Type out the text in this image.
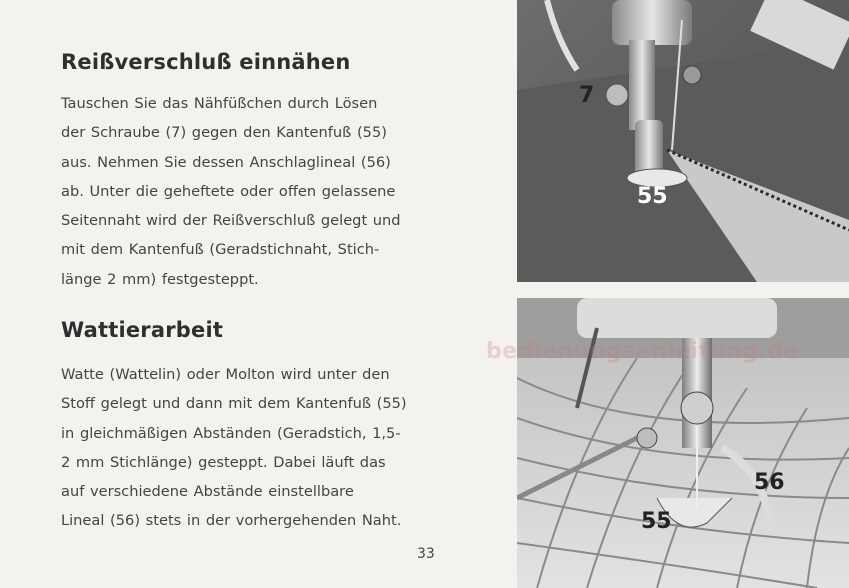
Reißverschluß einnähen
Tauschen Sie das Nähfüßchen durch Lösen
der Schraube (7) gegen den Kantenfuß (55)
aus. Nehmen Sie dessen Anschlaglineal (56)
ab. Unter die geheftete oder offen gelassene
Seitennaht wird der Reißverschluß gelegt und
mit dem Kantenfuß (Geradstichnaht, Stich-
länge 2 mm) festgesteppt.
Wattierarbeit
Watte (Wattelin) oder Molton wird unter den
Stoff gelegt und dann mit dem Kantenfuß (55)
in gleichmäßigen Abständen (Geradstich, 1,5-
2 mm Stichlänge) gesteppt. Dabei läuft das
auf verschiedene Abstände einstellbare
Lineal (56) stets in der vorhergehenden Naht.
33
7
55
56
55
bedienungsanleitung.de
